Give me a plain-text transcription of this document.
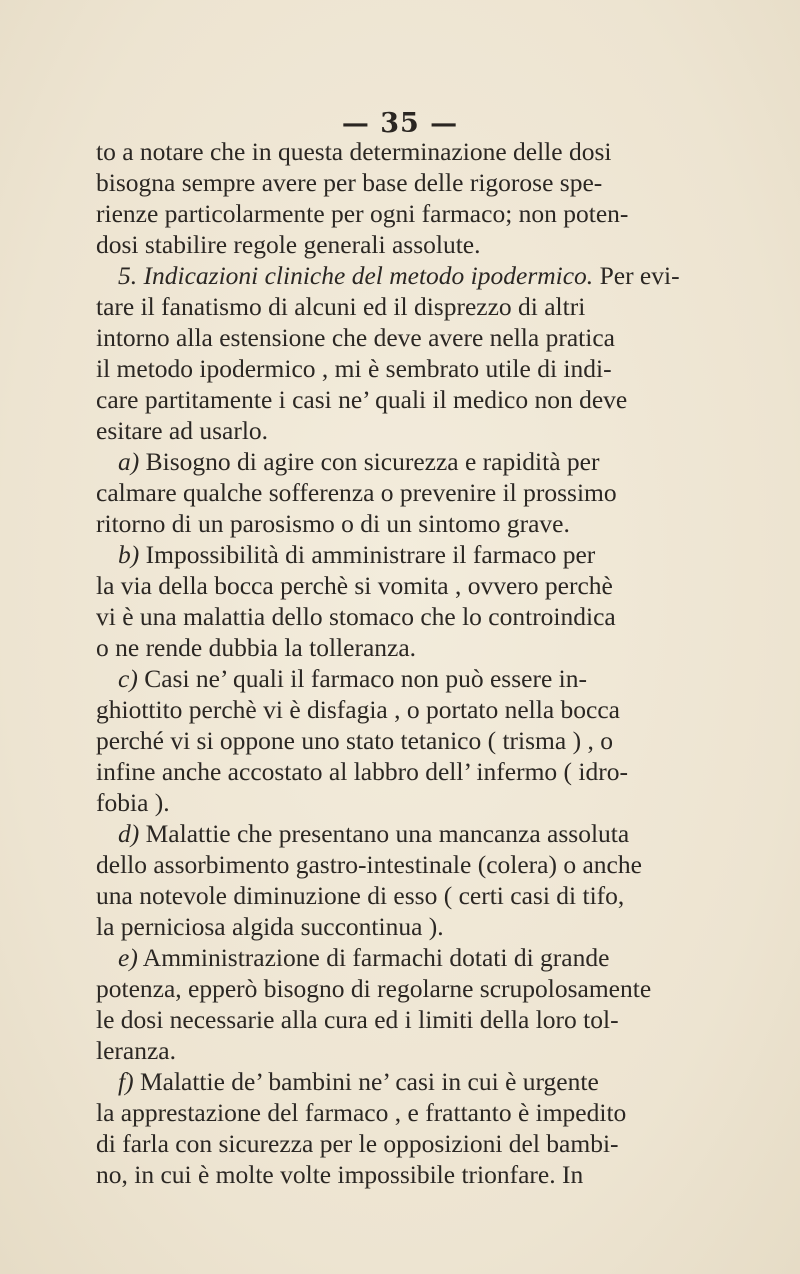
— 35 —
to a notare che in questa determinazione delle dosi
bisogna sempre avere per base delle rigorose spe-
rienze particolarmente per ogni farmaco; non poten-
dosi stabilire regole generali assolute.
5. Indicazioni cliniche del metodo ipodermico. Per evi-
tare il fanatismo di alcuni ed il disprezzo di altri
intorno alla estensione che deve avere nella pratica
il metodo ipodermico , mi è sembrato utile di indi-
care partitamente i casi ne’ quali il medico non deve
esitare ad usarlo.
a) Bisogno di agire con sicurezza e rapidità per
calmare qualche sofferenza o prevenire il prossimo
ritorno di un parosismo o di un sintomo grave.
b) Impossibilità di amministrare il farmaco per
la via della bocca perchè si vomita , ovvero perchè
vi è una malattia dello stomaco che lo controindica
o ne rende dubbia la tolleranza.
c) Casi ne’ quali il farmaco non può essere in-
ghiottito perchè vi è disfagia , o portato nella bocca
perché vi si oppone uno stato tetanico ( trisma ) , o
infine anche accostato al labbro dell’ infermo ( idro-
fobia ).
d) Malattie che presentano una mancanza assoluta
dello assorbimento gastro-intestinale (colera) o anche
una notevole diminuzione di esso ( certi casi di tifo,
la perniciosa algida succontinua ).
e) Amministrazione di farmachi dotati di grande
potenza, epperò bisogno di regolarne scrupolosamente
le dosi necessarie alla cura ed i limiti della loro tol-
leranza.
f) Malattie de’ bambini ne’ casi in cui è urgente
la apprestazione del farmaco , e frattanto è impedito
di farla con sicurezza per le opposizioni del bambi-
no, in cui è molte volte impossibile trionfare. In
